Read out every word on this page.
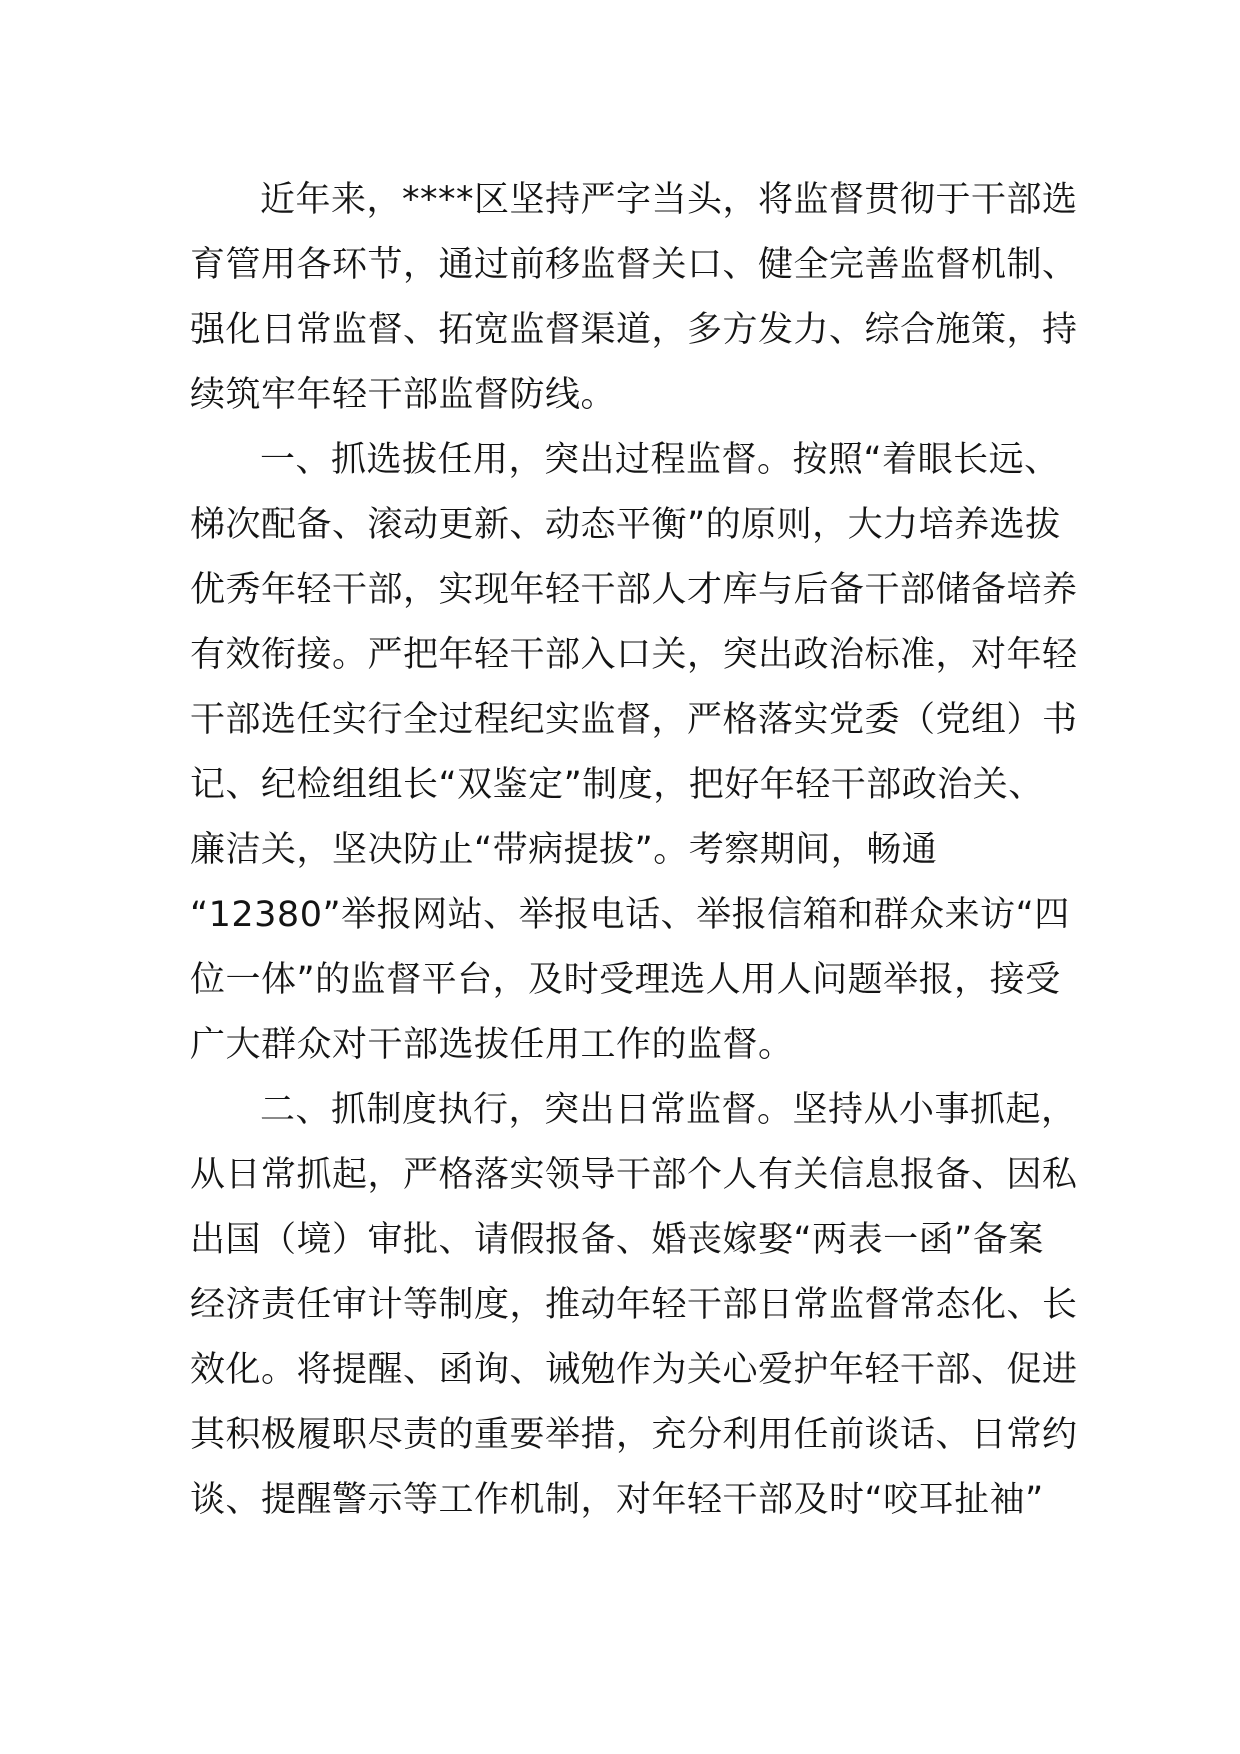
近年来，****区坚持严字当头，将监督贯彻于干部选
育管用各环节，通过前移监督关口、健全完善监督机制、
强化日常监督、拓宽监督渠道，多方发力、综合施策，持
续筑牢年轻干部监督防线。

一、抓选拔任用，突出过程监督。按照“着眼长远、
梯次配备、滚动更新、动态平衡”的原则，大力培养选拔
优秀年轻干部，实现年轻干部人才库与后备干部储备培养
有效衔接。严把年轻干部入口关，突出政治标准，对年轻
干部选任实行全过程纪实监督，严格落实党委（党组）书
记、纪检组组长“双鉴定”制度，把好年轻干部政治关、
廉洁关，坚决防止“带病提拔”。考察期间，畅通
“12380”举报网站、举报电话、举报信箱和群众来访“四
位一体”的监督平台，及时受理选人用人问题举报，接受
广大群众对干部选拔任用工作的监督。

二、抓制度执行，突出日常监督。坚持从小事抓起，
从日常抓起，严格落实领导干部个人有关信息报备、因私
出国（境）审批、请假报备、婚丧嫁娶“两表一函”备案
经济责任审计等制度，推动年轻干部日常监督常态化、长
效化。将提醒、函询、诫勉作为关心爱护年轻干部、促进
其积极履职尽责的重要举措，充分利用任前谈话、日常约
谈、提醒警示等工作机制，对年轻干部及时“咬耳扯袖”
